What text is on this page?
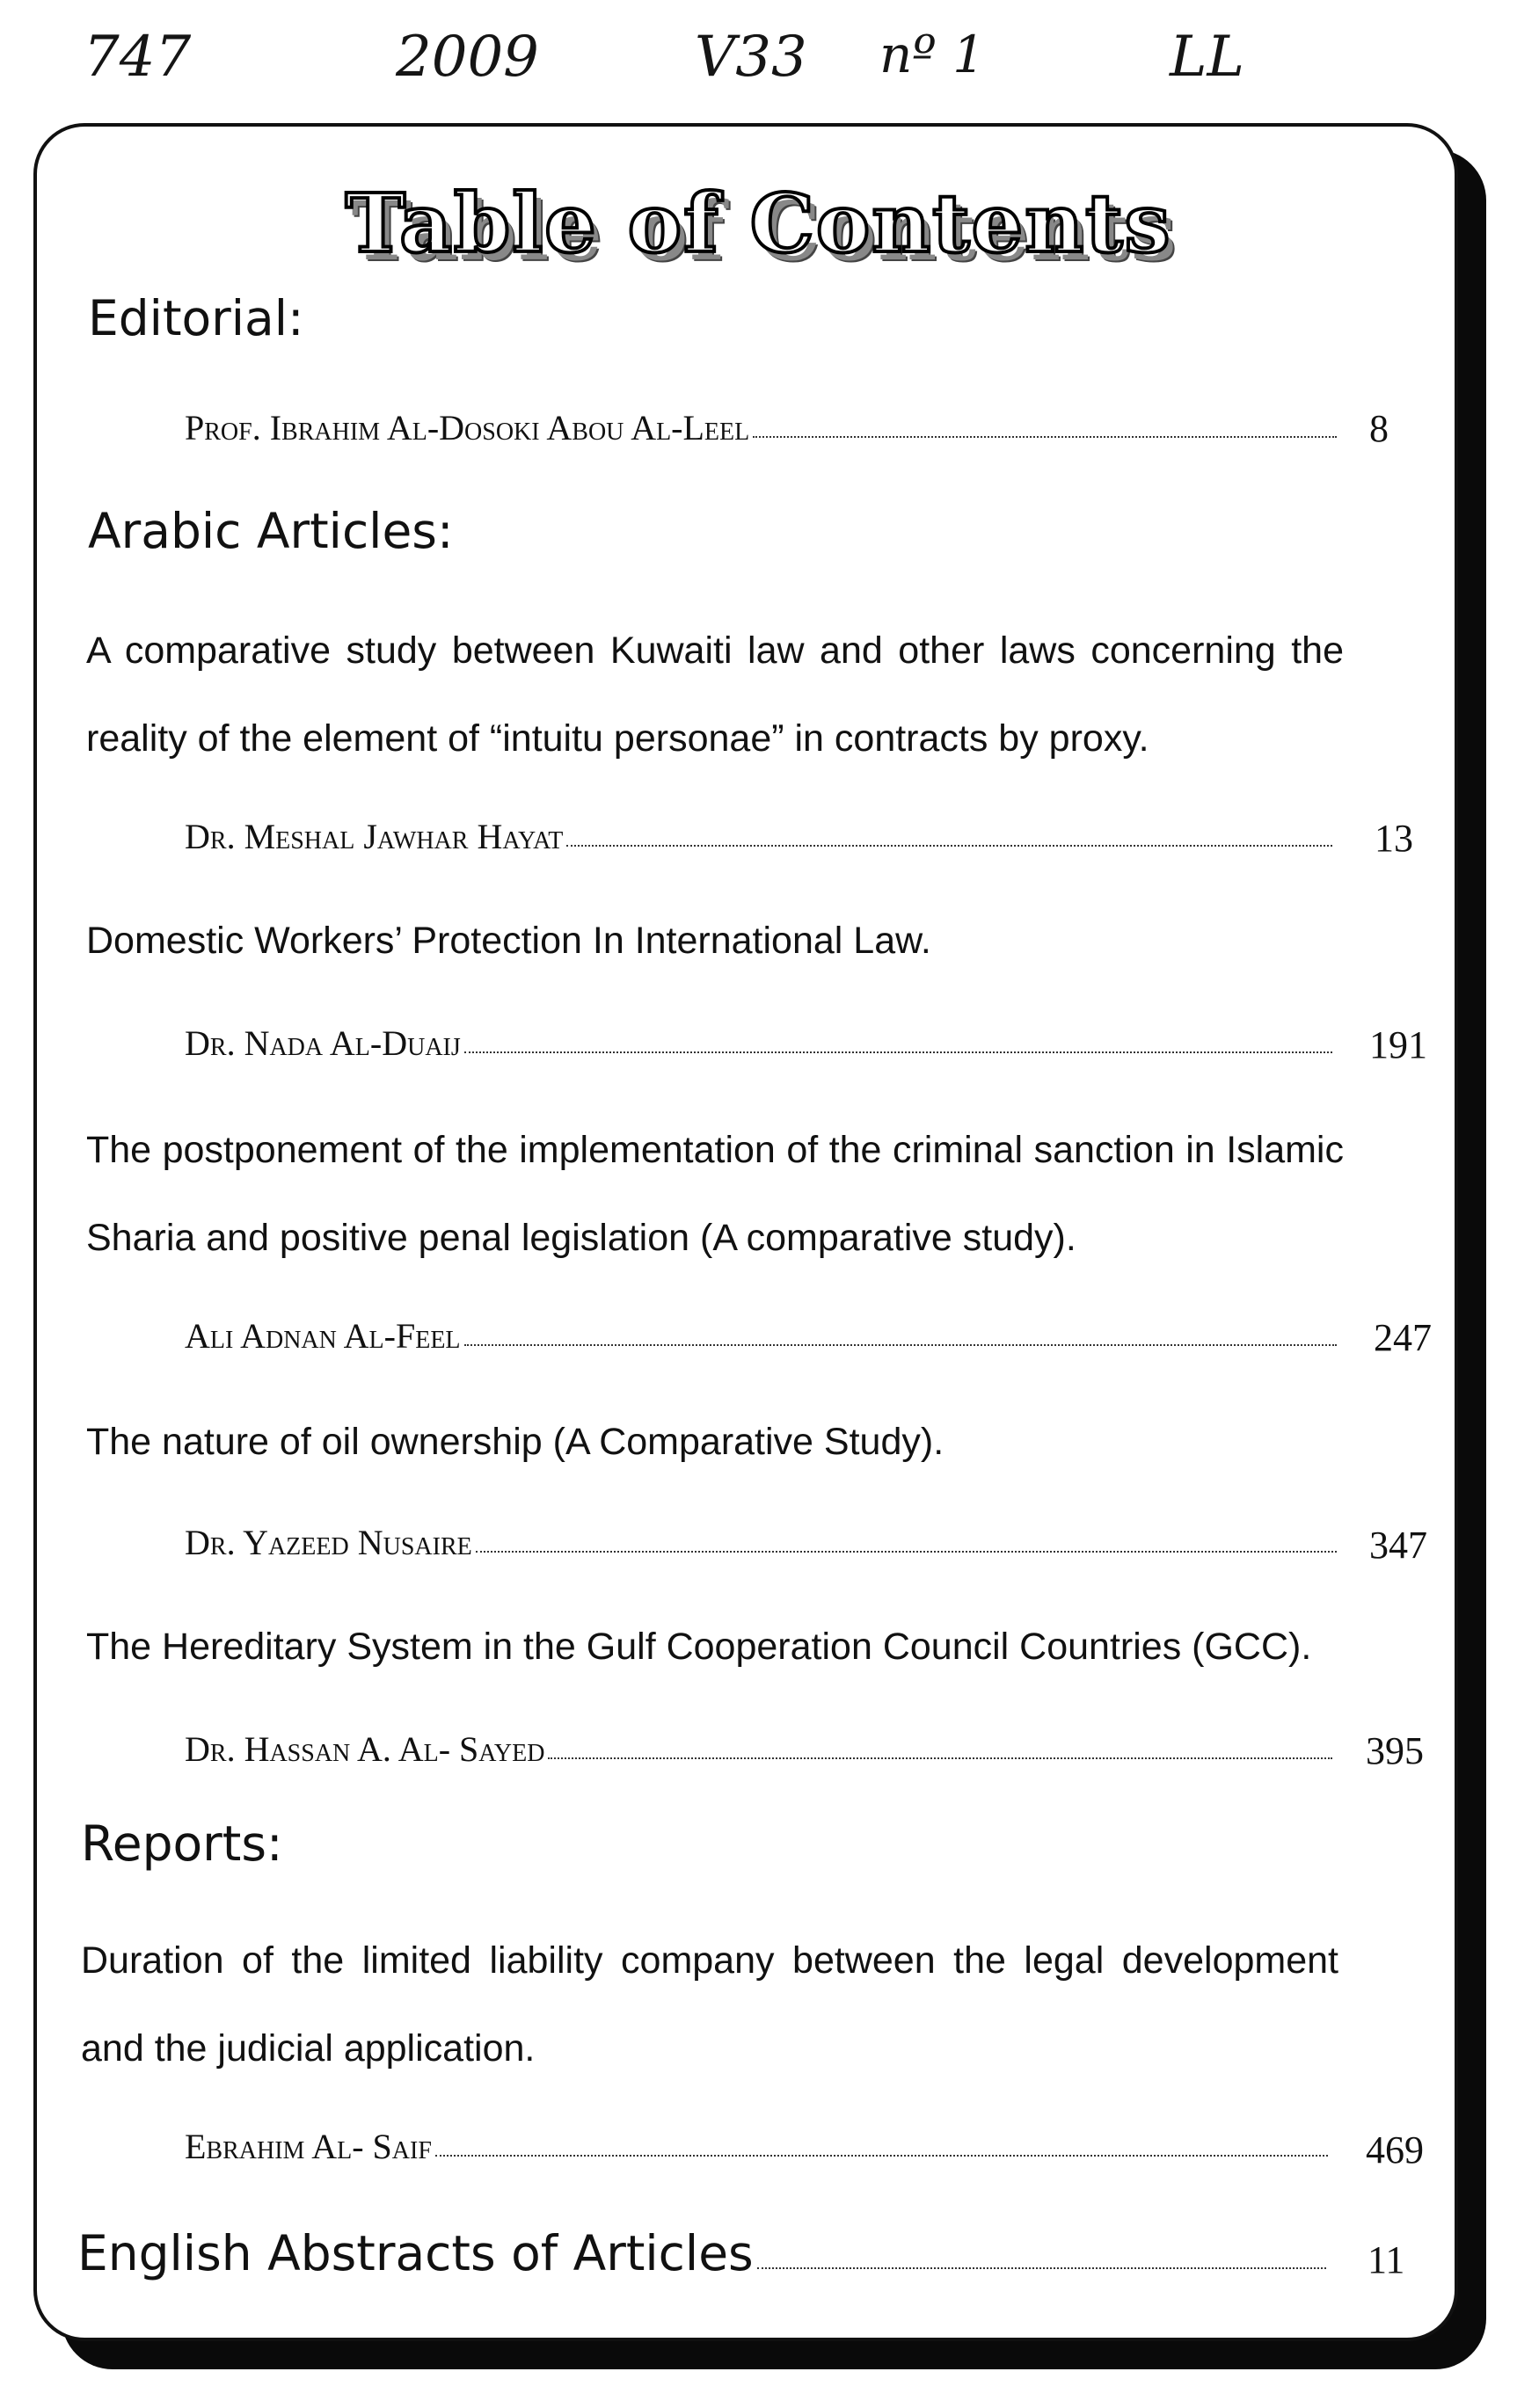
747	2009	V33 nº 1	LL
Table of Contents
Editorial:
Prof. Ibrahim Al-Dosoki Abou Al-Leel	8
Arabic Articles:
A comparative study between Kuwaiti law and other laws concerning the reality of the element of “intuitu personae” in contracts by proxy.
Dr. Meshal Jawhar Hayat	13
Domestic Workers’ Protection In International Law.
Dr. Nada Al-Duaij	191
The postponement of the implementation of the criminal sanction in Islamic Sharia and positive penal legislation (A comparative study).
Ali Adnan Al-Feel	247
The nature of oil ownership (A Comparative Study).
Dr. Yazeed Nusaire	347
The Hereditary System in the Gulf Cooperation Council Countries (GCC).
Dr. Hassan A. Al- Sayed	395
Reports:
Duration of the limited liability company between the legal development and the judicial application.
Ebrahim Al- Saif	469
English Abstracts of Articles	11
